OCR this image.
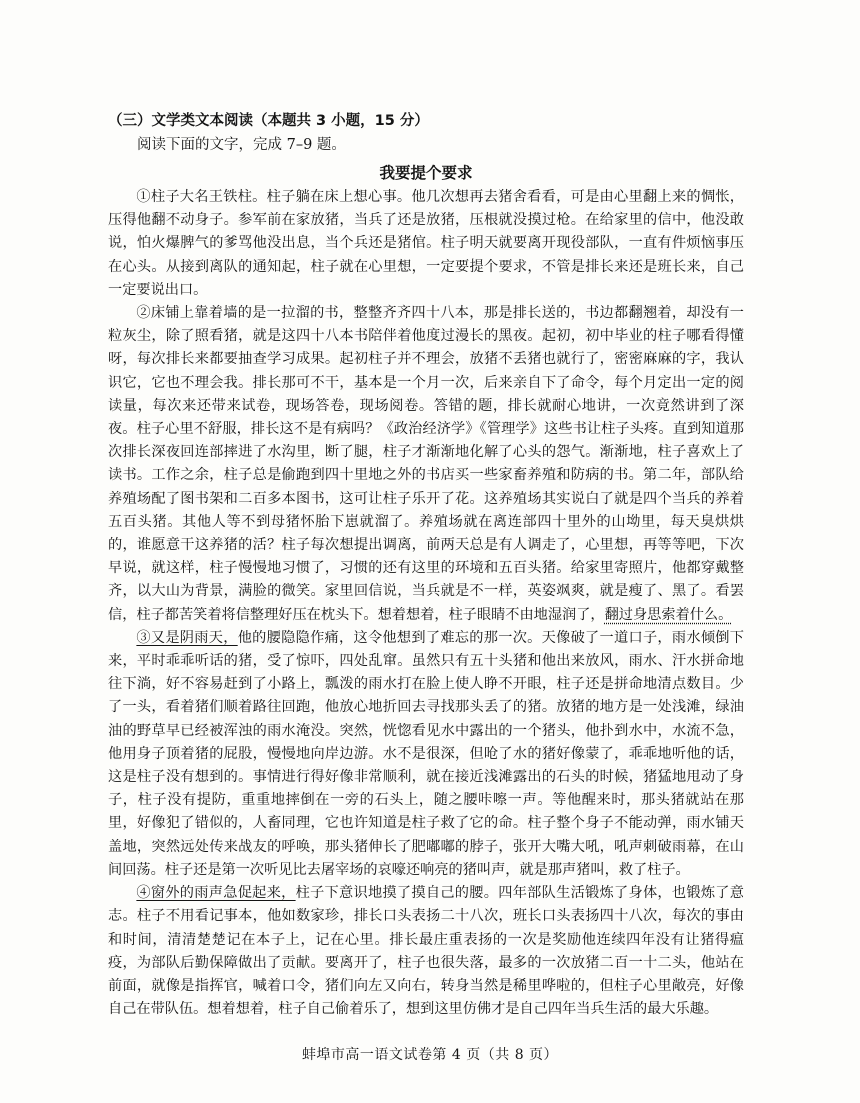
（三）文学类文本阅读（本题共 3 小题，15 分）

阅读下面的文字，完成 7–9 题。

我要提个要求

①柱子大名王铁柱。柱子躺在床上想心事。他几次想再去猪舍看看，可是由心里翻上来的惆怅，压得他翻不动身子。参军前在家放猪，当兵了还是放猪，压根就没摸过枪。在给家里的信中，他没敢说，怕火爆脾气的爹骂他没出息，当个兵还是猪倌。柱子明天就要离开现役部队，一直有件烦恼事压在心头。从接到离队的通知起，柱子就在心里想，一定要提个要求，不管是排长来还是班长来，自己一定要说出口。

②床铺上靠着墙的是一拉溜的书，整整齐齐四十八本，那是排长送的，书边都翻翘着，却没有一粒灰尘，除了照看猪，就是这四十八本书陪伴着他度过漫长的黑夜。起初，初中毕业的柱子哪看得懂呀，每次排长来都要抽查学习成果。起初柱子并不理会，放猪不丢猪也就行了，密密麻麻的字，我认识它，它也不理会我。排长那可不干，基本是一个月一次，后来亲自下了命令，每个月定出一定的阅读量，每次来还带来试卷，现场答卷，现场阅卷。答错的题，排长就耐心地讲，一次竟然讲到了深夜。柱子心里不舒服，排长这不是有病吗？《政治经济学》《管理学》这些书让柱子头疼。直到知道那次排长深夜回连部摔进了水沟里，断了腿，柱子才渐渐地化解了心头的怨气。渐渐地，柱子喜欢上了读书。工作之余，柱子总是偷跑到四十里地之外的书店买一些家畜养殖和防病的书。第二年，部队给养殖场配了图书架和二百多本图书，这可让柱子乐开了花。这养殖场其实说白了就是四个当兵的养着五百头猪。其他人等不到母猪怀胎下崽就溜了。养殖场就在离连部四十里外的山坳里，每天臭烘烘的，谁愿意干这养猪的活？柱子每次想提出调离，前两天总是有人调走了，心里想，再等等吧，下次早说，就这样，柱子慢慢地习惯了，习惯的还有这里的环境和五百头猪。给家里寄照片，他都穿戴整齐，以大山为背景，满脸的微笑。家里回信说，当兵就是不一样，英姿飒爽，就是瘦了、黑了。看罢信，柱子都苦笑着将信整理好压在枕头下。想着想着，柱子眼睛不由地湿润了，翻过身思索着什么。

③又是阴雨天，他的腰隐隐作痛，这令他想到了难忘的那一次。天像破了一道口子，雨水倾倒下来，平时乖乖听话的猪，受了惊吓，四处乱窜。虽然只有五十头猪和他出来放风，雨水、汗水拼命地往下淌，好不容易赶到了小路上，瓢泼的雨水打在脸上使人睁不开眼，柱子还是拼命地清点数目。少了一头，看着猪们顺着路往回跑，他放心地折回去寻找那头丢了的猪。放猪的地方是一处浅滩，绿油油的野草早已经被浑浊的雨水淹没。突然，恍惚看见水中露出的一个猪头，他扑到水中，水流不急，他用身子顶着猪的屁股，慢慢地向岸边游。水不是很深，但呛了水的猪好像蒙了，乖乖地听他的话，这是柱子没有想到的。事情进行得好像非常顺利，就在接近浅滩露出的石头的时候，猪猛地甩动了身子，柱子没有提防，重重地摔倒在一旁的石头上，随之腰咔嚓一声。等他醒来时，那头猪就站在那里，好像犯了错似的，人畜同理，它也许知道是柱子救了它的命。柱子整个身子不能动弹，雨水铺天盖地，突然远处传来战友的呼唤，那头猪伸长了肥嘟嘟的脖子，张开大嘴大吼，吼声刺破雨幕，在山间回荡。柱子还是第一次听见比去屠宰场的哀嚎还响亮的猪叫声，就是那声猪叫，救了柱子。

④窗外的雨声急促起来，柱子下意识地摸了摸自己的腰。四年部队生活锻炼了身体，也锻炼了意志。柱子不用看记事本，他如数家珍，排长口头表扬二十八次，班长口头表扬四十八次，每次的事由和时间，清清楚楚记在本子上，记在心里。排长最庄重表扬的一次是奖励他连续四年没有让猪得瘟疫，为部队后勤保障做出了贡献。要离开了，柱子也很失落，最多的一次放猪二百一十二头，他站在前面，就像是指挥官，喊着口令，猪们向左又向右，转身当然是稀里哗啦的，但柱子心里敞亮，好像自己在带队伍。想着想着，柱子自己偷着乐了，想到这里仿佛才是自己四年当兵生活的最大乐趣。

蚌埠市高一语文试卷第 4 页（共 8 页）
